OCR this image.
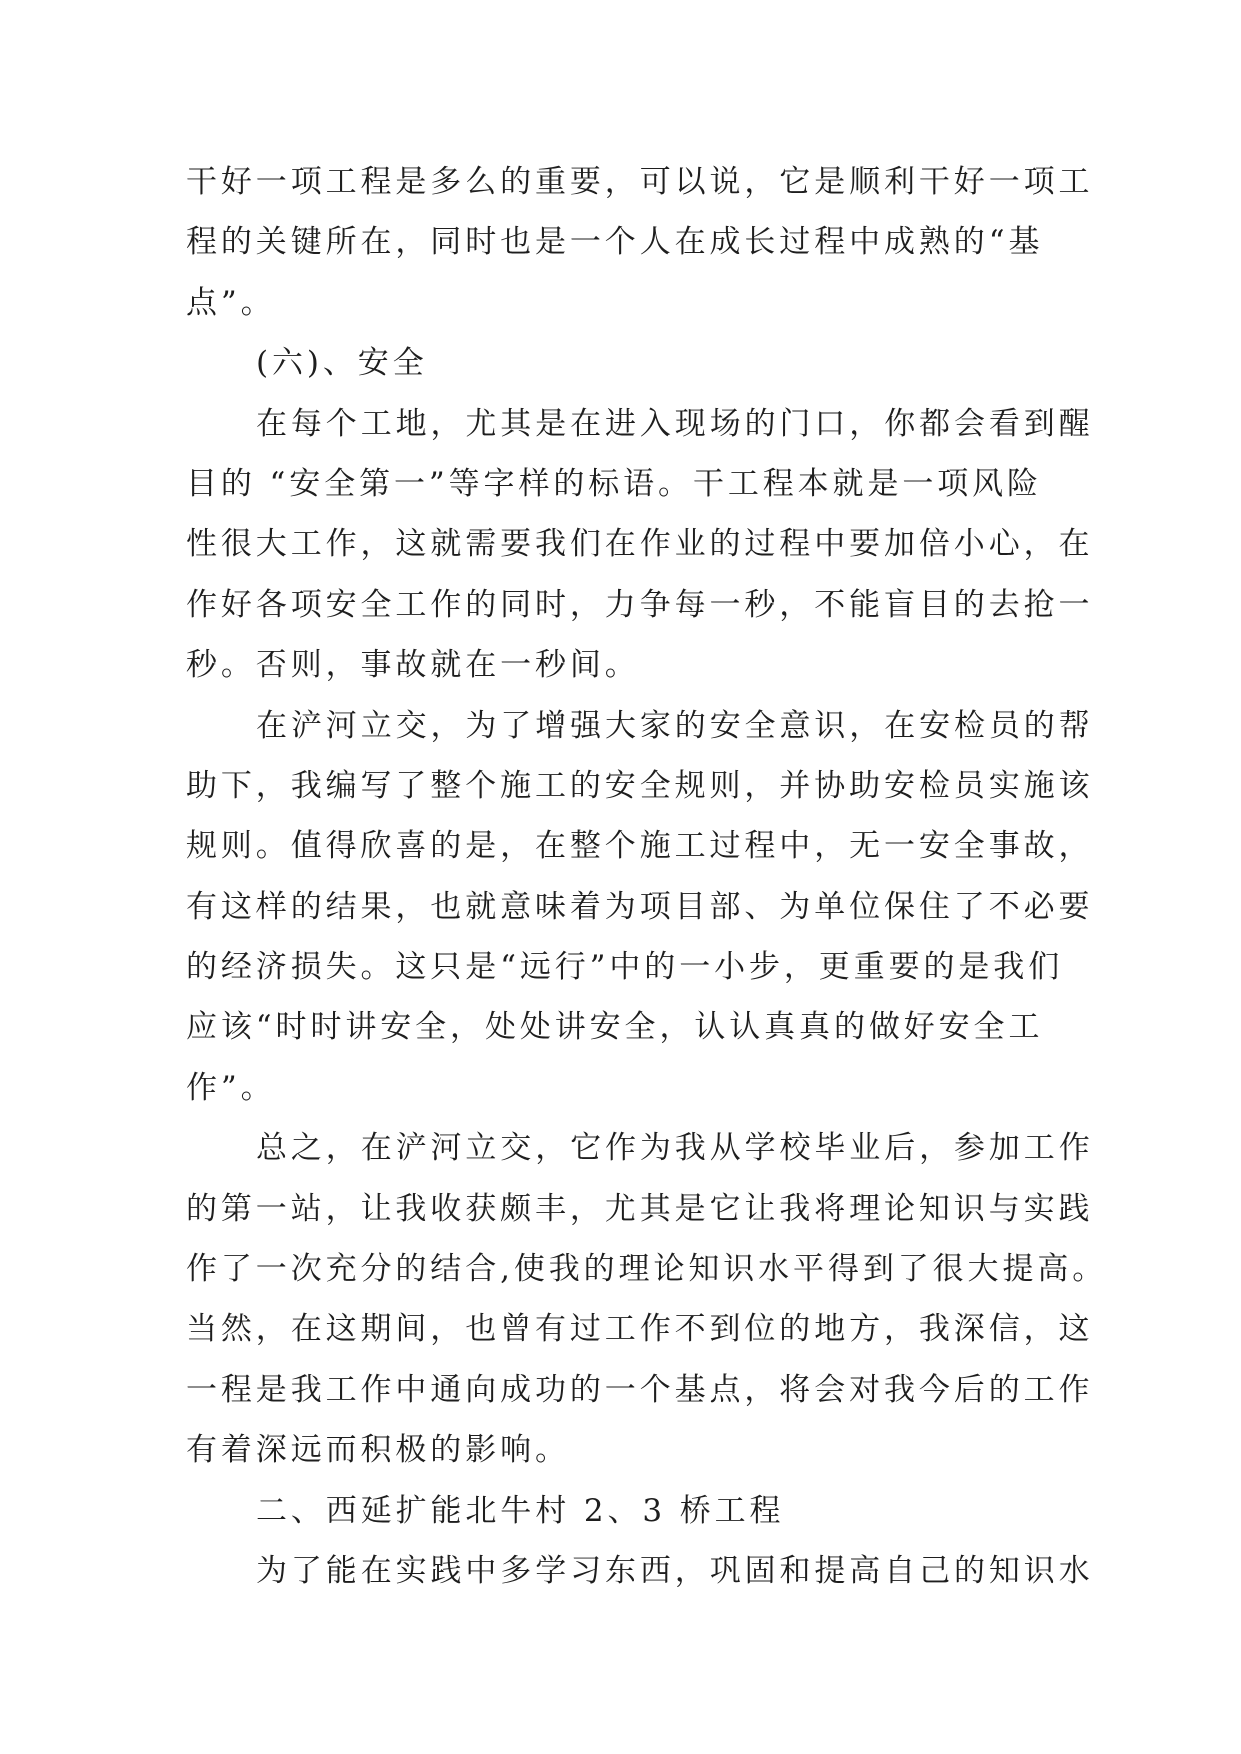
干好一项工程是多么的重要，可以说，它是顺利干好一项工
程的关键所在，同时也是一个人在成长过程中成熟的“基
点”。
(六)、安全
在每个工地，尤其是在进入现场的门口，你都会看到醒
目的 “安全第一”等字样的标语。干工程本就是一项风险
性很大工作，这就需要我们在作业的过程中要加倍小心，在
作好各项安全工作的同时，力争每一秒，不能盲目的去抢一
秒。否则，事故就在一秒间。
在浐河立交，为了增强大家的安全意识，在安检员的帮
助下，我编写了整个施工的安全规则，并协助安检员实施该
规则。值得欣喜的是，在整个施工过程中，无一安全事故，
有这样的结果，也就意味着为项目部、为单位保住了不必要
的经济损失。这只是“远行”中的一小步，更重要的是我们
应该“时时讲安全，处处讲安全，认认真真的做好安全工
作”。
总之，在浐河立交，它作为我从学校毕业后，参加工作
的第一站，让我收获颇丰，尤其是它让我将理论知识与实践
作了一次充分的结合,使我的理论知识水平得到了很大提高。
当然，在这期间，也曾有过工作不到位的地方，我深信，这
一程是我工作中通向成功的一个基点，将会对我今后的工作
有着深远而积极的影响。
二、西延扩能北牛村 2、3 桥工程
为了能在实践中多学习东西，巩固和提高自己的知识水
